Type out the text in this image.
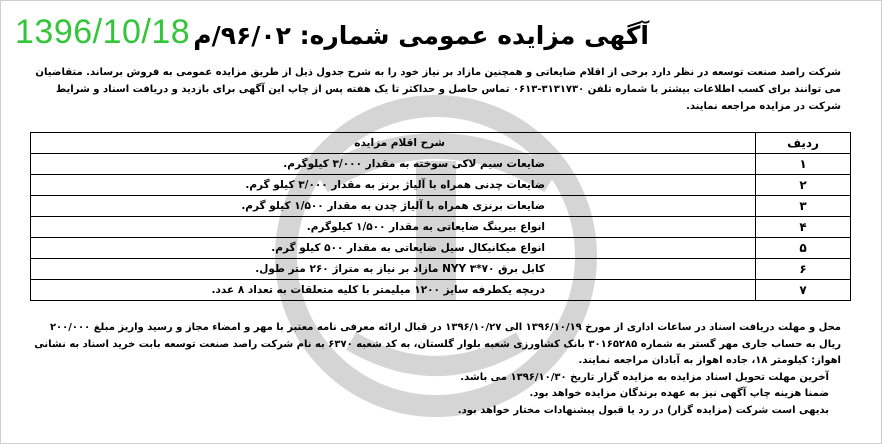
1396/10/18 آگهی مزایده عمومی شماره: ۹۶/۰۲/م

شرکت راصد صنعت توسعه در نظر دارد برخی از اقلام ضایعاتی و همچنین مازاد بر نیاز خود را به شرح جدول ذیل از طریق مزایده عمومی به فروش برساند. متقاضیان می توانند برای کسب اطلاعات بیشتر با شماره تلفن ۳۱۳۱۷۳۰-۰۶۱۳ تماس حاصل و حداکثر تا یک هفته پس از چاپ این آگهی برای بازدید و دریافت اسناد و شرایط شرکت در مزایده مراجعه نمایند.

ردیف	شرح اقلام مزایده
۱	ضایعات سیم لاکی سوخته به مقدار ۳/۰۰۰ کیلوگرم.
۲	ضایعات چدنی همراه با آلیاژ برنز به مقدار ۳/۰۰۰ کیلو گرم.
۳	ضایعات برنزی همراه با آلیاژ چدن به مقدار ۱/۵۰۰ کیلو گرم.
۴	انواع بیرینگ ضایعاتی به مقدار ۱/۵۰۰ کیلوگرم.
۵	انواع میکانیکال سیل ضایعاتی به مقدار ۵۰۰ کیلو گرم.
۶	کابل برق NYY ۳*۷۰ مازاد بر نیاز به متراژ ۲۶۰ متر طول.
۷	دریچه یکطرفه سایز ۱۲۰۰ میلیمتر با کلیه متعلقات به تعداد ۸ عدد.

محل و مهلت دریافت اسناد در ساعات اداری از مورخ ۱۳۹۶/۱۰/۱۹ الی ۱۳۹۶/۱۰/۲۷ در قبال ارائه معرفی نامه معتبر با مهر و امضاء مجاز و رسید واریز مبلغ ۲۰۰/۰۰۰ ریال به حساب جاری مهر گستر به شماره ۳۰۱۶۵۲۸۵ بانک کشاورزی شعبه بلوار گلستان، به کد شعبه ۶۳۷۰ به نام شرکت راصد صنعت توسعه بابت خرید اسناد به نشانی اهواز: کیلومتر ۱۸، جاده اهواز به آبادان مراجعه نمایند.

آخرین مهلت تحویل اسناد مزایده به مزایده گزار تاریخ ۱۳۹۶/۱۰/۳۰ می باشد.

ضمنا هزینه چاپ آگهی نیز به عهده برندگان مزایده خواهد بود.

بدیهی است شرکت (مزایده گزار) در رد یا قبول پیشنهادات مختار خواهد بود.
